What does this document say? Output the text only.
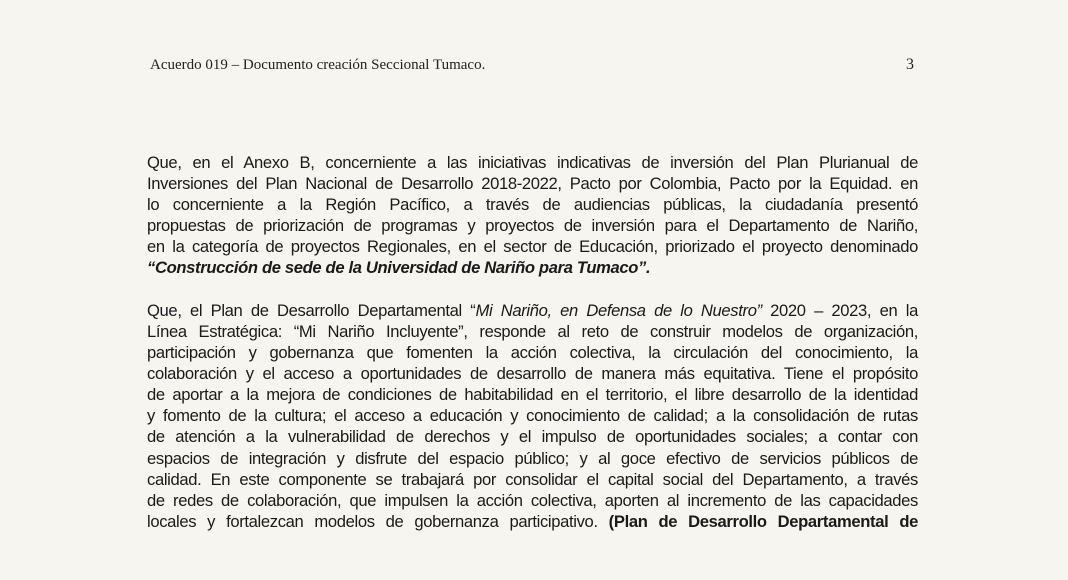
Acuerdo 019 – Documento creación Seccional Tumaco.	3
Que, en el Anexo B, concerniente a las iniciativas indicativas de inversión del Plan Plurianual de
Inversiones del Plan Nacional de Desarrollo 2018-2022, Pacto por Colombia, Pacto por la Equidad. en
lo concerniente a la Región Pacífico, a través de audiencias públicas, la ciudadanía presentó
propuestas de priorización de programas y proyectos de inversión para el Departamento de Nariño,
en la categoría de proyectos Regionales, en el sector de Educación, priorizado el proyecto denominado
“Construcción de sede de la Universidad de Nariño para Tumaco”.
Que, el Plan de Desarrollo Departamental “Mi Nariño, en Defensa de lo Nuestro” 2020 – 2023, en la
Línea Estratégica: “Mi Nariño Incluyente”, responde al reto de construir modelos de organización,
participación y gobernanza que fomenten la acción colectiva, la circulación del conocimiento, la
colaboración y el acceso a oportunidades de desarrollo de manera más equitativa. Tiene el propósito
de aportar a la mejora de condiciones de habitabilidad en el territorio, el libre desarrollo de la identidad
y fomento de la cultura; el acceso a educación y conocimiento de calidad; a la consolidación de rutas
de atención a la vulnerabilidad de derechos y el impulso de oportunidades sociales; a contar con
espacios de integración y disfrute del espacio público; y al goce efectivo de servicios públicos de
calidad. En este componente se trabajará por consolidar el capital social del Departamento, a través
de redes de colaboración, que impulsen la acción colectiva, aporten al incremento de las capacidades
locales y fortalezcan modelos de gobernanza participativo. (Plan de Desarrollo Departamental de
